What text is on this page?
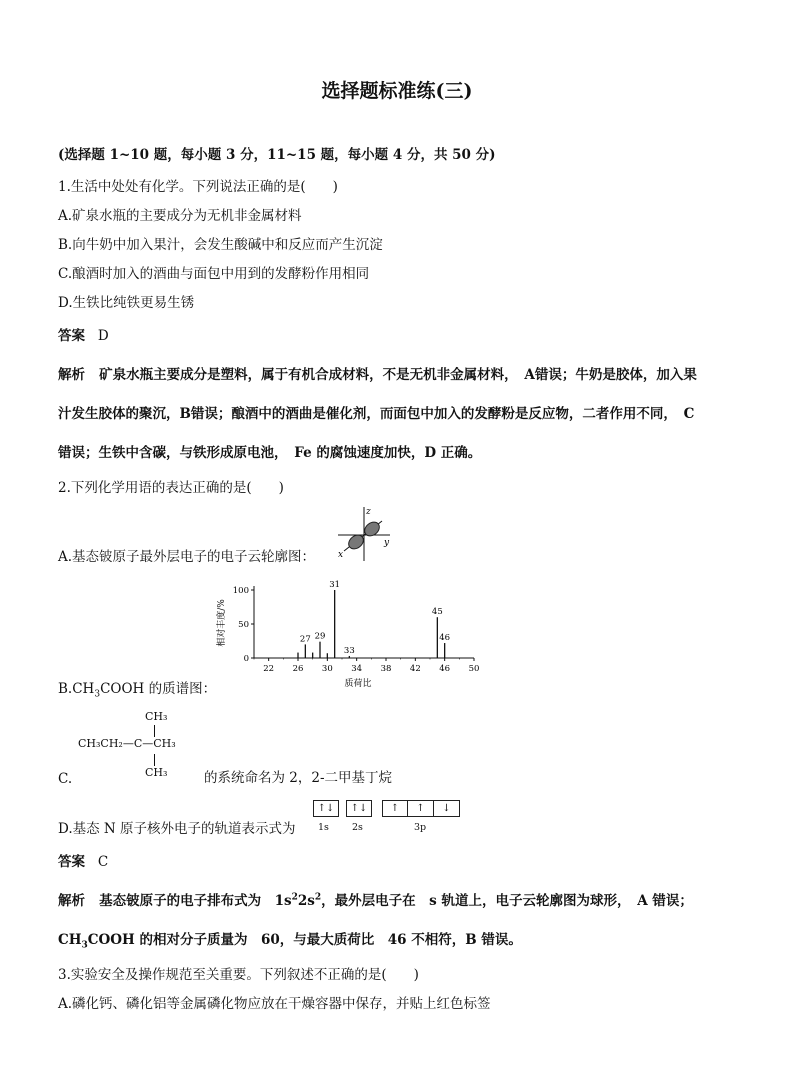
选择题标准练(三)
(选择题 1~10 题，每小题 3 分，11~15 题，每小题 4 分，共 50 分)
1.生活中处处有化学。下列说法正确的是(　　)
A.矿泉水瓶的主要成分为无机非金属材料
B.向牛奶中加入果汁，会发生酸碱中和反应而产生沉淀
C.酿酒时加入的酒曲与面包中用到的发酵粉作用相同
D.生铁比纯铁更易生锈
答案 D
解析 矿泉水瓶主要成分是塑料，属于有机合成材料，不是无机非金属材料，　A错误；牛奶是胶体，加入果
汁发生胶体的聚沉，B错误；酿酒中的酒曲是催化剂，而面包中加入的发酵粉是反应物，二者作用不同，　C
错误；生铁中含碳，与铁形成原电池，　Fe 的腐蚀速度加快，D 正确。
2.下列化学用语的表达正确的是(　　)
A.基态铍原子最外层电子的电子云轮廓图：
z
y
x
相对丰度/%
质荷比
100
50
0
22 26 30 34 38 42 46 50
27 29
31
33
45
46
$B.CH_3COOH$ 的质谱图：
CH₃
CH₃CH₂—C—CH₃
CH₃
C.	的系统命名为 2，2-二甲基丁烷
D.基态 N 原子核外电子的轨道表示式为
↑↓	↑↓	↑	↑	↓
1s 2s	3p
答案 C
解析 基态铍原子的电子排布式为　$1s^22s^2$，最外层电子在　s 轨道上，电子云轮廓图为球形，　A 错误；
$CH_3COOH$ 的相对分子质量为　60，与最大质荷比　46 不相符，B 错误。
3.实验安全及操作规范至关重要。下列叙述不正确的是(　　)
A.磷化钙、磷化铝等金属磷化物应放在干燥容器中保存，并贴上红色标签
